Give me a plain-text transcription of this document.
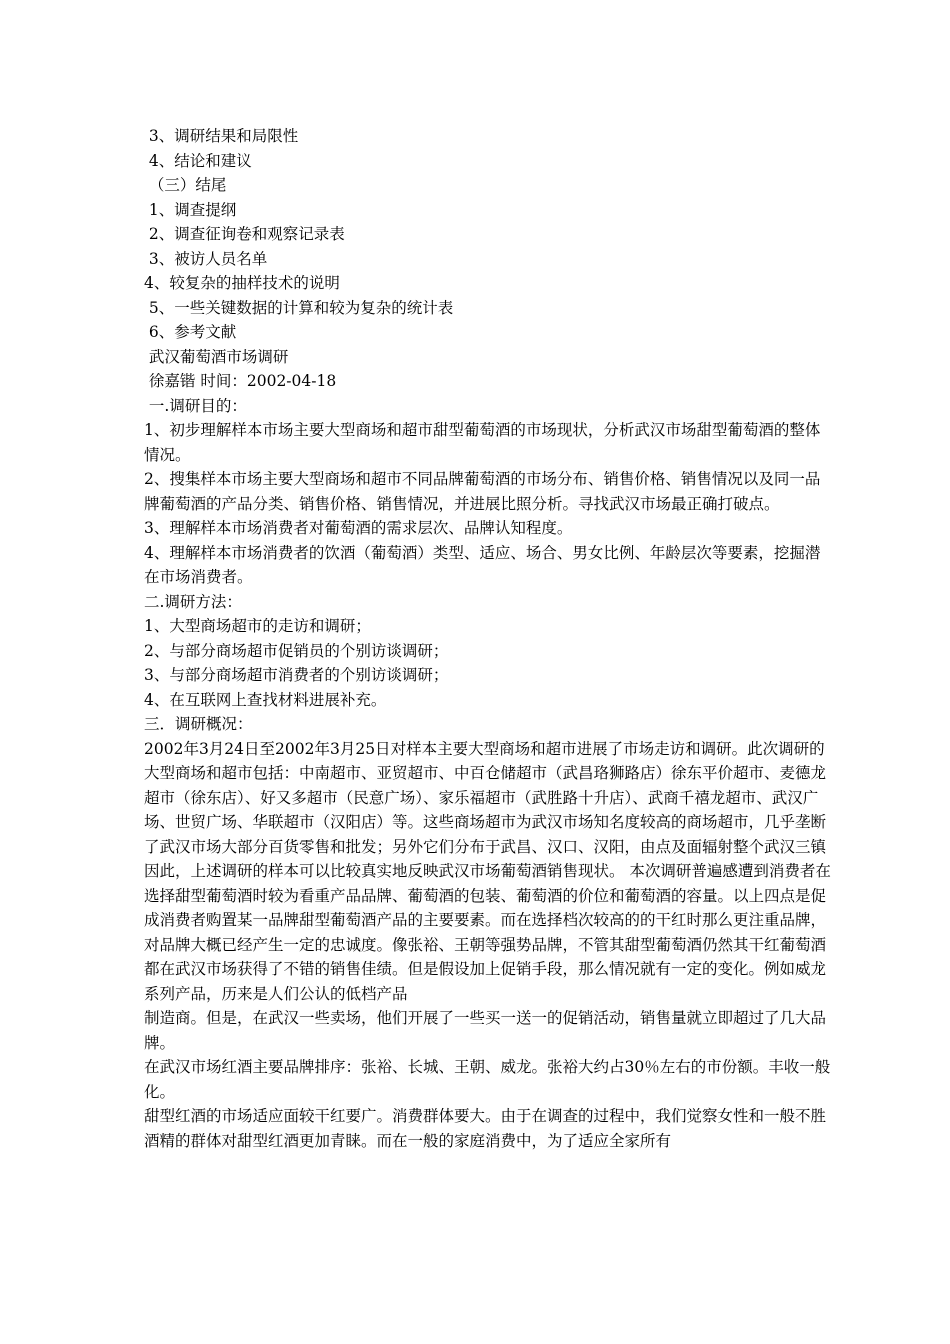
3、调研结果和局限性
4、结论和建议
（三）结尾
1、调查提纲
2、调查征询卷和观察记录表
3、被访人员名单
4、较复杂的抽样技术的说明
5、一些关键数据的计算和较为复杂的统计表
6、参考文献
武汉葡萄酒市场调研
徐嘉锴 时间：2002-04-18
一.调研目的：
1、初步理解样本市场主要大型商场和超市甜型葡萄酒的市场现状，分析武汉市场甜型葡萄酒的整体情况。
2、搜集样本市场主要大型商场和超市不同品牌葡萄酒的市场分布、销售价格、销售情况以及同一品牌葡萄酒的产品分类、销售价格、销售情况，并进展比照分析。寻找武汉市场最正确打破点。
3、理解样本市场消费者对葡萄酒的需求层次、品牌认知程度。
4、理解样本市场消费者的饮酒（葡萄酒）类型、适应、场合、男女比例、年龄层次等要素，挖掘潜在市场消费者。
二.调研方法：
1、大型商场超市的走访和调研；
2、与部分商场超市促销员的个别访谈调研；
3、与部分商场超市消费者的个别访谈调研；
4、在互联网上查找材料进展补充。
三．调研概况：
2002年3月24日至2002年3月25日对样本主要大型商场和超市进展了市场走访和调研。此次调研的大型商场和超市包括：中南超市、亚贸超市、中百仓储超市（武昌珞狮路店）徐东平价超市、麦德龙超市（徐东店）、好又多超市（民意广场）、家乐福超市（武胜路十升店）、武商千禧龙超市、武汉广 场、世贸广场、华联超市（汉阳店）等。这些商场超市为武汉市场知名度较高的商场超市，几乎垄断了武汉市场大部分百货零售和批发；另外它们分布于武昌、汉口、汉阳，由点及面辐射整个武汉三镇因此，上述调研的样本可以比较真实地反映武汉市场葡萄酒销售现状。 本次调研普遍感遭到消费者在选择甜型葡萄酒时较为看重产品品牌、葡萄酒的包装、葡萄酒的价位和葡萄酒的容量。以上四点是促成消费者购置某一品牌甜型葡萄酒产品的主要要素。而在选择档次较高的的干红时那么更注重品牌，对品牌大概已经产生一定的忠诚度。像张裕、王朝等强势品牌，不管其甜型葡萄酒仍然其干红葡萄酒都在武汉市场获得了不错的销售佳绩。但是假设加上促销手段，那么情况就有一定的变化。例如威龙系列产品，历来是人们公认的低档产品
制造商。但是，在武汉一些卖场，他们开展了一些买一送一的促销活动，销售量就立即超过了几大品牌。
在武汉市场红酒主要品牌排序：张裕、长城、王朝、威龙。张裕大约占30％左右的市份额。丰收一般化。
甜型红酒的市场适应面较干红要广。消费群体要大。由于在调查的过程中，我们觉察女性和一般不胜酒精的群体对甜型红酒更加青睐。而在一般的家庭消费中，为了适应全家所有
